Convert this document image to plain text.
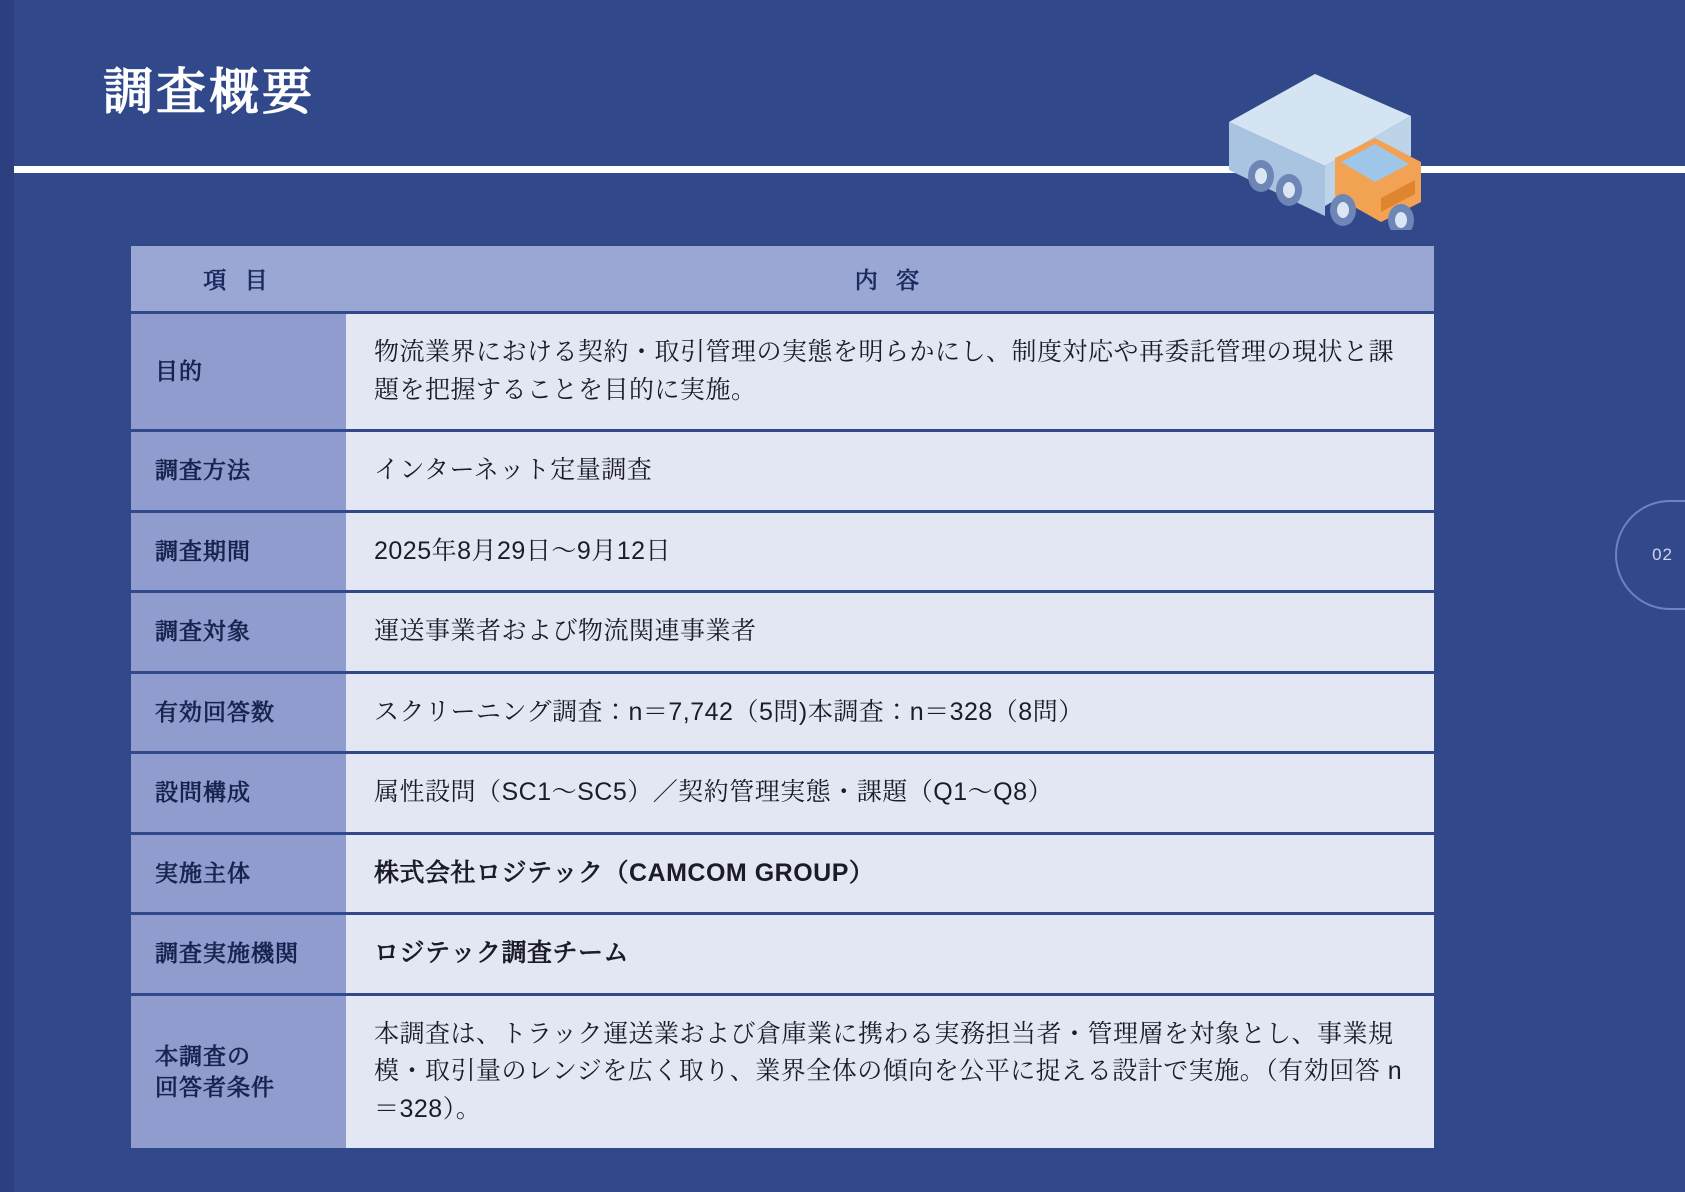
調査概要
02
項 目	内 容
目的	物流業界における契約・取引管理の実態を明らかにし、制度対応や再委託管理の現状と課題を把握することを目的に実施。
調査方法	インターネット定量調査
調査期間	2025年8月29日〜9月12日
調査対象	運送事業者および物流関連事業者
有効回答数	スクリーニング調査：n＝7,742（5問)本調査：n＝328（8問）
設問構成	属性設問（SC1〜SC5）／契約管理実態・課題（Q1〜Q8）
実施主体	株式会社ロジテック（CAMCOM GROUP）
調査実施機関	ロジテック調査チーム
本調査の
回答者条件	本調査は、トラック運送業および倉庫業に携わる実務担当者・管理層を対象とし、事業規模・取引量のレンジを広く取り、業界全体の傾向を公平に捉える設計で実施。（有効回答 n＝328）。
